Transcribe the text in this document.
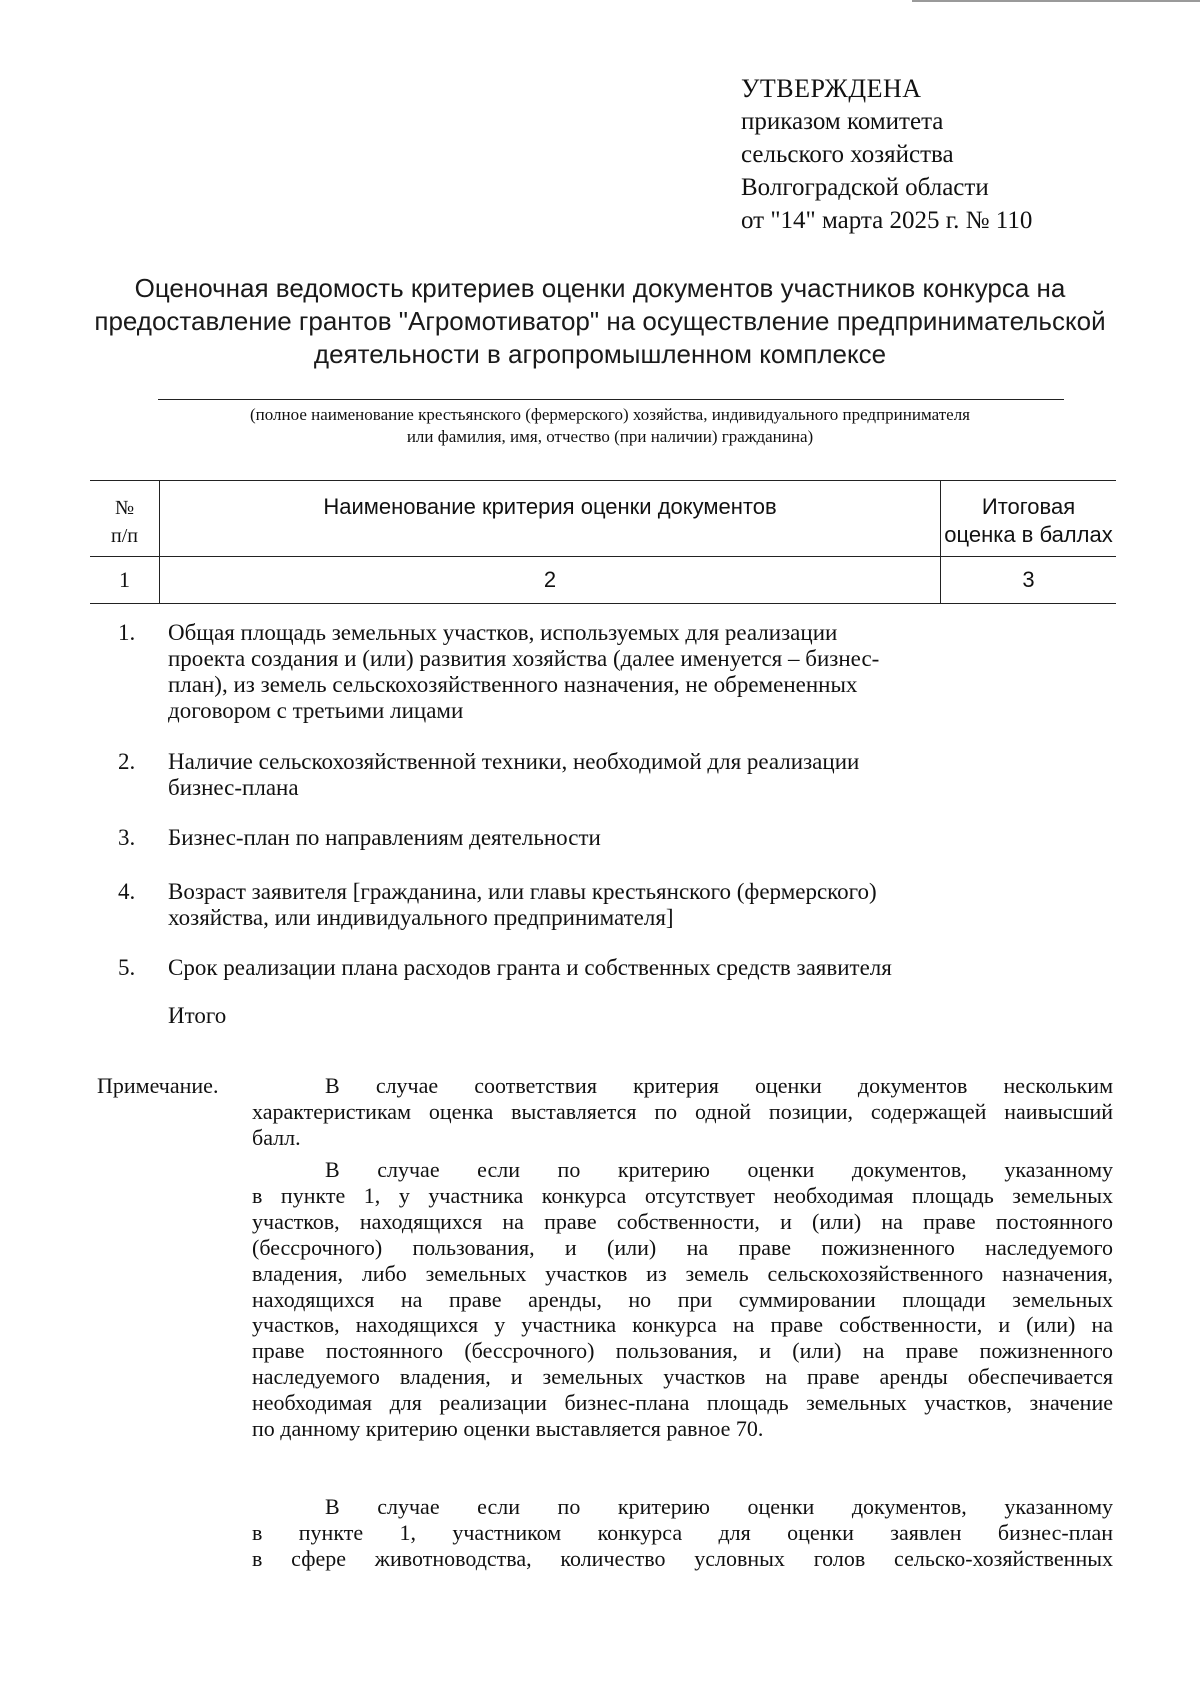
УТВЕРЖДЕНА
приказом комитета
сельского хозяйства
Волгоградской области
от "14" марта 2025 г. № 110
Оценочная ведомость критериев оценки документов участников конкурса на
предоставление грантов "Агромотиватор" на осуществление предпринимательской
деятельности в агропромышленном комплексе
(полное наименование крестьянского (фермерского) хозяйства, индивидуального предпринимателя
или фамилия, имя, отчество (при наличии) гражданина)
№
п/п	Наименование критерия оценки документов	Итоговая
оценка в баллах
1	2	3
1. Общая площадь земельных участков, используемых для реализации
проекта создания и (или) развития хозяйства (далее именуется – бизнес-
план), из земель сельскохозяйственного назначения, не обремененных
договором с третьими лицами
2. Наличие сельскохозяйственной техники, необходимой для реализации
бизнес-плана
3. Бизнес-план по направлениям деятельности
4. Возраст заявителя [гражданина, или главы крестьянского (фермерского)
хозяйства, или индивидуального предпринимателя]
5. Срок реализации плана расходов гранта и собственных средств заявителя
Итого
Примечание.	В случае соответствия критерия оценки документов нескольким
характеристикам оценка выставляется по одной позиции, содержащей наивысший
балл.
В случае если по критерию оценки документов, указанному
в пункте 1, у участника конкурса отсутствует необходимая площадь земельных
участков, находящихся на праве собственности, и (или) на праве постоянного
(бессрочного) пользования, и (или) на праве пожизненного наследуемого
владения, либо земельных участков из земель сельскохозяйственного назначения,
находящихся на праве аренды, но при суммировании площади земельных
участков, находящихся у участника конкурса на праве собственности, и (или) на
праве постоянного (бессрочного) пользования, и (или) на праве пожизненного
наследуемого владения, и земельных участков на праве аренды обеспечивается
необходимая для реализации бизнес-плана площадь земельных участков, значение
по данному критерию оценки выставляется равное 70.
В случае если по критерию оценки документов, указанному
в пункте 1, участником конкурса для оценки заявлен бизнес-план
в сфере животноводства, количество условных голов сельско-хозяйственных
